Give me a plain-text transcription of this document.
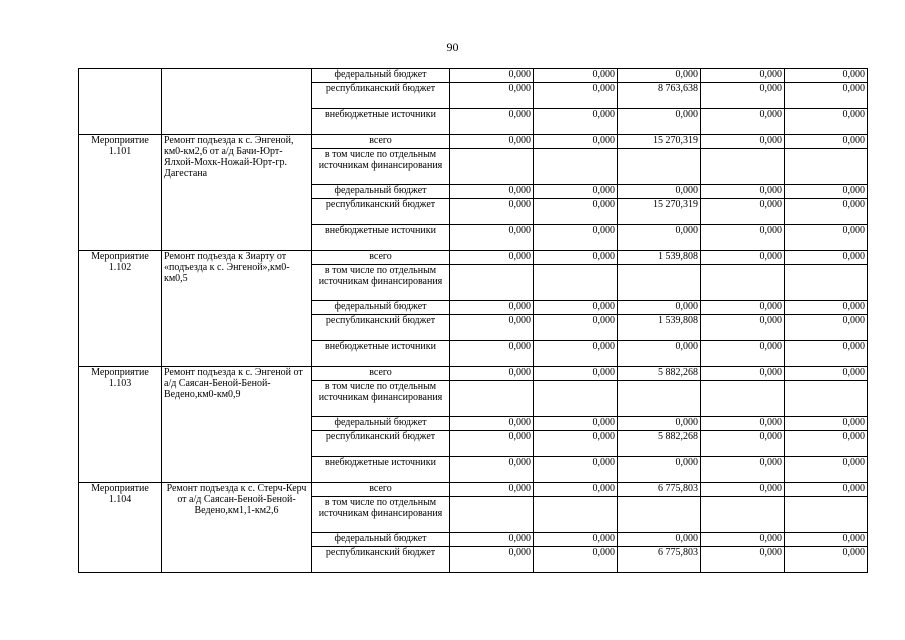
90
		федеральный бюджет	0,000	0,000	0,000	0,000	0,000
		республиканский бюджет	0,000	0,000	8 763,638	0,000	0,000
		внебюджетные источники	0,000	0,000	0,000	0,000	0,000
Мероприятие 1.101	Ремонт подъезда к с. Энгеной, км0-км2,6 от а/д Бачи-Юрт-Ялхой-Мохк-Ножай-Юрт-гр. Дагестана	всего	0,000	0,000	15 270,319	0,000	0,000
		в том числе по отдельным источникам финансирования					
		федеральный бюджет	0,000	0,000	0,000	0,000	0,000
		республиканский бюджет	0,000	0,000	15 270,319	0,000	0,000
		внебюджетные источники	0,000	0,000	0,000	0,000	0,000
Мероприятие 1.102	Ремонт подъезда к Зиарту от «подъезда к с. Энгеной»,км0-км0,5	всего	0,000	0,000	1 539,808	0,000	0,000
		в том числе по отдельным источникам финансирования					
		федеральный бюджет	0,000	0,000	0,000	0,000	0,000
		республиканский бюджет	0,000	0,000	1 539,808	0,000	0,000
		внебюджетные источники	0,000	0,000	0,000	0,000	0,000
Мероприятие 1.103	Ремонт подъезда к с. Энгеной от а/д Саясан-Беной-Беной-Ведено,км0-км0,9	всего	0,000	0,000	5 882,268	0,000	0,000
		в том числе по отдельным источникам финансирования					
		федеральный бюджет	0,000	0,000	0,000	0,000	0,000
		республиканский бюджет	0,000	0,000	5 882,268	0,000	0,000
		внебюджетные источники	0,000	0,000	0,000	0,000	0,000
Мероприятие 1.104	Ремонт подъезда к с. Стерч-Керч от а/д Саясан-Беной-Беной-Ведено,км1,1-км2,6	всего	0,000	0,000	6 775,803	0,000	0,000
		в том числе по отдельным источникам финансирования					
		федеральный бюджет	0,000	0,000	0,000	0,000	0,000
		республиканский бюджет	0,000	0,000	6 775,803	0,000	0,000
